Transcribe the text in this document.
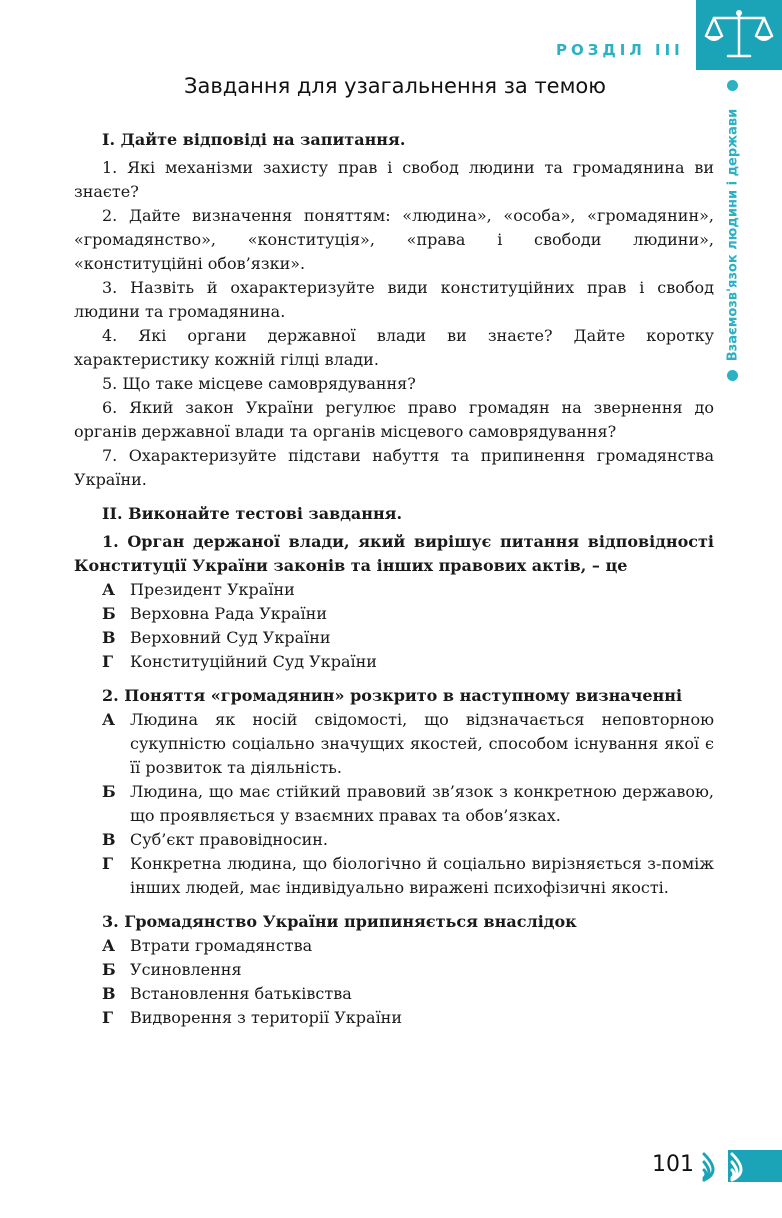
РОЗДІЛ III
Взаємозв'язок людини і держави
Завдання для узагальнення за темою

I. Дайте відповіді на запитання.

1. Які механізми захисту прав і свобод людини та громадянина ви знаєте?

2. Дайте визначення поняттям: «людина», «особа», «громадянин», «громадянство», «конституція», «права і свободи людини», «конституційні обов’язки».

3. Назвіть й охарактеризуйте види конституційних прав і свобод людини та громадянина.

4. Які органи державної влади ви знаєте? Дайте коротку характеристику кожній гілці влади.

5. Що таке місцеве самоврядування?

6. Який закон України регулює право громадян на звернення до органів державної влади та органів місцевого самоврядування?

7. Охарактеризуйте підстави набуття та припинення громадянства України.

II. Виконайте тестові завдання.

1. Орган держаної влади, який вирішує питання відповідності Конституції України законів та інших правових актів, – це

А Президент України
Б Верховна Рада України
В Верховний Суд України
Г Конституційний Суд України

2. Поняття «громадянин» розкрито в наступному визначенні

А Людина як носій свідомості, що відзначається неповторною сукупністю соціально значущих якостей, способом існування якої є її розвиток та діяльність.
Б Людина, що має стійкий правовий зв’язок з конкретною державою, що проявляється у взаємних правах та обов’язках.
В Суб’єкт правовідносин.
Г Конкретна людина, що біологічно й соціально вирізняється з-поміж інших людей, має індивідуально виражені психофізичні якості.

3. Громадянство України припиняється внаслідок

А Втрати громадянства
Б Усиновлення
В Встановлення батьківства
Г Видворення з території України
101
